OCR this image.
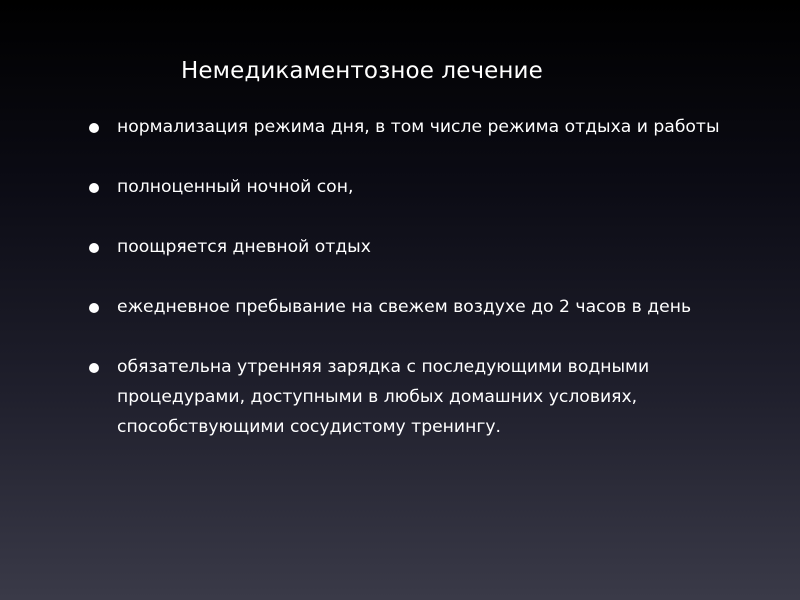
Немедикаментозное лечение
нормализация режима дня, в том числе режима отдыха и работы
полноценный ночной сон,
поощряется дневной отдых
ежедневное пребывание на свежем воздухе до 2 часов в день
обязательна утренняя зарядка с последующими водными процедурами, доступными в любых домашних условиях, способствующими сосудистому тренингу.
